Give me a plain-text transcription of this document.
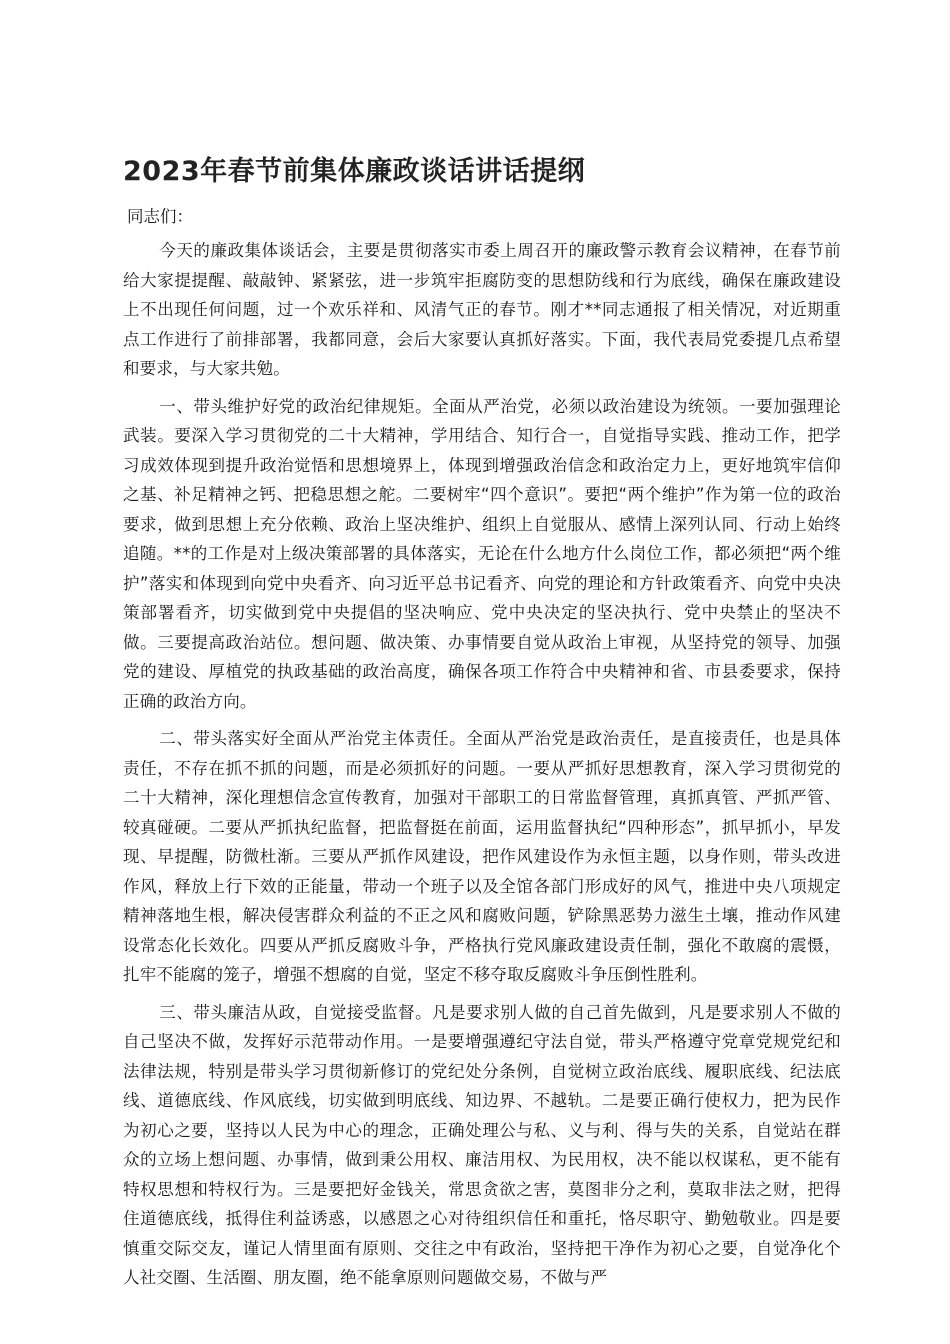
2023年春节前集体廉政谈话讲话提纲

同志们：

今天的廉政集体谈话会，主要是贯彻落实市委上周召开的廉政警示教育会议精神，在春节前给大家提提醒、敲敲钟、紧紧弦，进一步筑牢拒腐防变的思想防线和行为底线，确保在廉政建设上不出现任何问题，过一个欢乐祥和、风清气正的春节。刚才**同志通报了相关情况，对近期重点工作进行了前排部署，我都同意，会后大家要认真抓好落实。下面，我代表局党委提几点希望和要求，与大家共勉。

一、带头维护好党的政治纪律规矩。全面从严治党，必须以政治建设为统领。一要加强理论武装。要深入学习贯彻党的二十大精神，学用结合、知行合一，自觉指导实践、推动工作，把学习成效体现到提升政治觉悟和思想境界上，体现到增强政治信念和政治定力上，更好地筑牢信仰之基、补足精神之钙、把稳思想之舵。二要树牢“四个意识”。要把“两个维护”作为第一位的政治要求，做到思想上充分依赖、政治上坚决维护、组织上自觉服从、感情上深列认同、行动上始终追随。**的工作是对上级决策部署的具体落实，无论在什么地方什么岗位工作，都必须把“两个维护”落实和体现到向党中央看齐、向习近平总书记看齐、向党的理论和方针政策看齐、向党中央决策部署看齐，切实做到党中央提倡的坚决响应、党中央决定的坚决执行、党中央禁止的坚决不做。三要提高政治站位。想问题、做决策、办事情要自觉从政治上审视，从坚持党的领导、加强党的建设、厚植党的执政基础的政治高度，确保各项工作符合中央精神和省、市县委要求，保持正确的政治方向。

二、带头落实好全面从严治党主体责任。全面从严治党是政治责任，是直接责任，也是具体责任，不存在抓不抓的问题，而是必须抓好的问题。一要从严抓好思想教育，深入学习贯彻党的二十大精神，深化理想信念宣传教育，加强对干部职工的日常监督管理，真抓真管、严抓严管、较真碰硬。二要从严抓执纪监督，把监督挺在前面，运用监督执纪“四种形态”，抓早抓小，早发现、早提醒，防微杜渐。三要从严抓作风建设，把作风建设作为永恒主题，以身作则，带头改进作风，释放上行下效的正能量，带动一个班子以及全馆各部门形成好的风气，推进中央八项规定精神落地生根，解决侵害群众利益的不正之风和腐败问题，铲除黑恶势力滋生土壤，推动作风建设常态化长效化。四要从严抓反腐败斗争，严格执行党风廉政建设责任制，强化不敢腐的震慑，扎牢不能腐的笼子，增强不想腐的自觉，坚定不移夺取反腐败斗争压倒性胜利。

三、带头廉洁从政，自觉接受监督。凡是要求别人做的自己首先做到，凡是要求别人不做的自己坚决不做，发挥好示范带动作用。一是要增强遵纪守法自觉，带头严格遵守党章党规党纪和法律法规，特别是带头学习贯彻新修订的党纪处分条例，自觉树立政治底线、履职底线、纪法底线、道德底线、作风底线，切实做到明底线、知边界、不越轨。二是要正确行使权力，把为民作为初心之要，坚持以人民为中心的理念，正确处理公与私、义与利、得与失的关系，自觉站在群众的立场上想问题、办事情，做到秉公用权、廉洁用权、为民用权，决不能以权谋私，更不能有特权思想和特权行为。三是要把好金钱关，常思贪欲之害，莫图非分之利，莫取非法之财，把得住道德底线，抵得住利益诱惑，以感恩之心对待组织信任和重托，恪尽职守、勤勉敬业。四是要慎重交际交友，谨记人情里面有原则、交往之中有政治，坚持把干净作为初心之要，自觉净化个人社交圈、生活圈、朋友圈，绝不能拿原则问题做交易，不做与严
